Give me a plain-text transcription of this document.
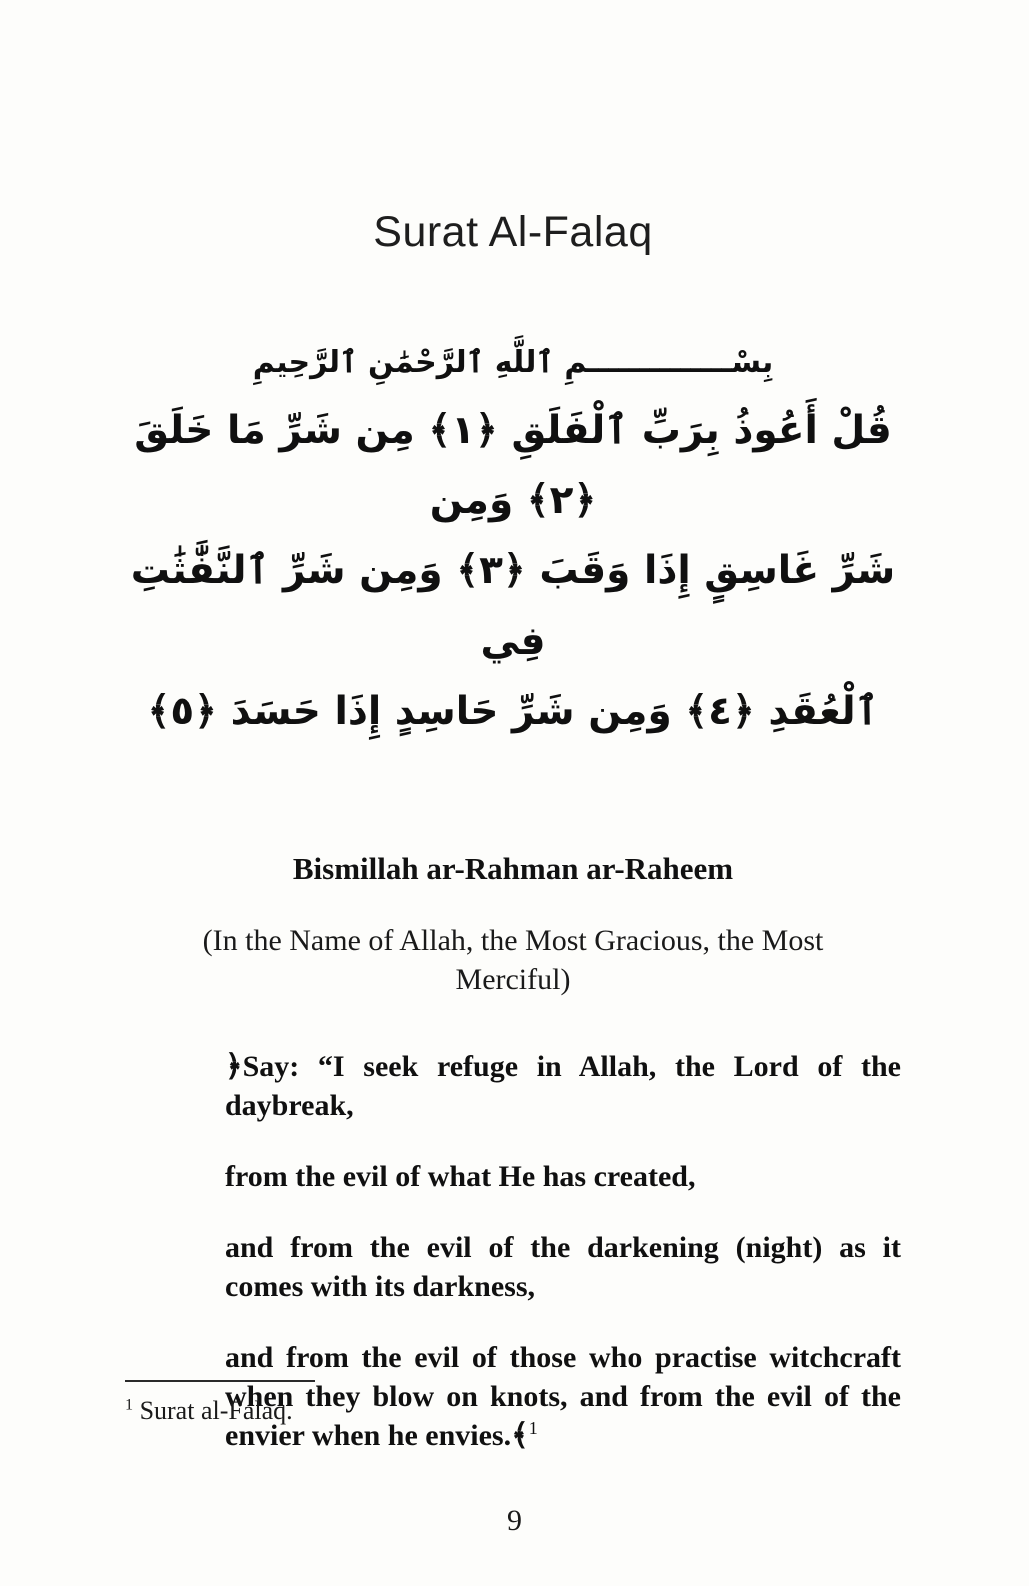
Surat Al-Falaq
بِسْــــــــــــــمِ ٱللَّهِ ٱلرَّحْمَٰنِ ٱلرَّحِيمِ
قُلْ أَعُوذُ بِرَبِّ ٱلْفَلَقِ ﴿١﴾ مِن شَرِّ مَا خَلَقَ ﴿٢﴾ وَمِن
شَرِّ غَاسِقٍ إِذَا وَقَبَ ﴿٣﴾ وَمِن شَرِّ ٱلنَّفَّٰثَٰتِ فِي
ٱلْعُقَدِ ﴿٤﴾ وَمِن شَرِّ حَاسِدٍ إِذَا حَسَدَ ﴿٥﴾
Bismillah ar-Rahman ar-Raheem

(In the Name of Allah, the Most Gracious, the Most Merciful)

﴿Say: “I seek refuge in Allah, the Lord of the daybreak,

from the evil of what He has created,

and from the evil of the darkening (night) as it comes with its darkness,

and from the evil of those who practise witchcraft when they blow on knots, and from the evil of the envier when he envies.﴾$^1$

$^1$ Surat al-Falaq.

9
